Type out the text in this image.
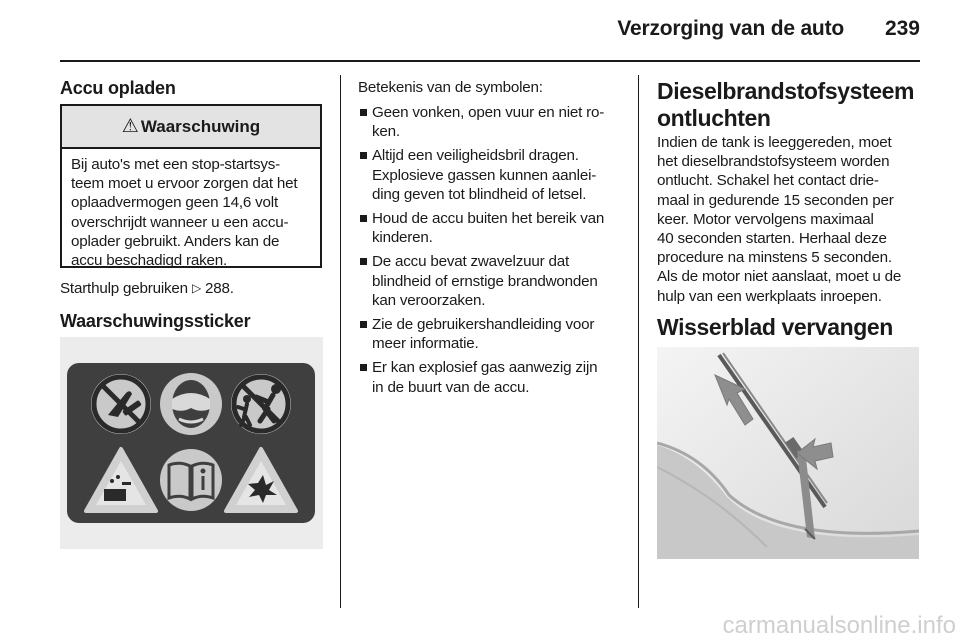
Verzorging van de auto	239
Accu opladen
⚠ Waarschuwing
Bij auto's met een stop-startsys-
teem moet u ervoor zorgen dat het
oplaadvermogen geen 14,6 volt
overschrijdt wanneer u een accu-
oplader gebruikt. Anders kan de
accu beschadigd raken.
Starthulp gebruiken ▷ 288.
Waarschuwingssticker
Betekenis van de symbolen:
Geen vonken, open vuur en niet ro-
ken.
Altijd een veiligheidsbril dragen.
Explosieve gassen kunnen aanlei-
ding geven tot blindheid of letsel.
Houd de accu buiten het bereik van
kinderen.
De accu bevat zwavelzuur dat
blindheid of ernstige brandwonden
kan veroorzaken.
Zie de gebruikershandleiding voor
meer informatie.
Er kan explosief gas aanwezig zijn
in de buurt van de accu.
Dieselbrandstofsysteem
ontluchten
Indien de tank is leeggereden, moet
het dieselbrandstofsysteem worden
ontlucht. Schakel het contact drie-
maal in gedurende 15 seconden per
keer. Motor vervolgens maximaal
40 seconden starten. Herhaal deze
procedure na minstens 5 seconden.
Als de motor niet aanslaat, moet u de
hulp van een werkplaats inroepen.
Wisserblad vervangen
carmanualsonline.info
